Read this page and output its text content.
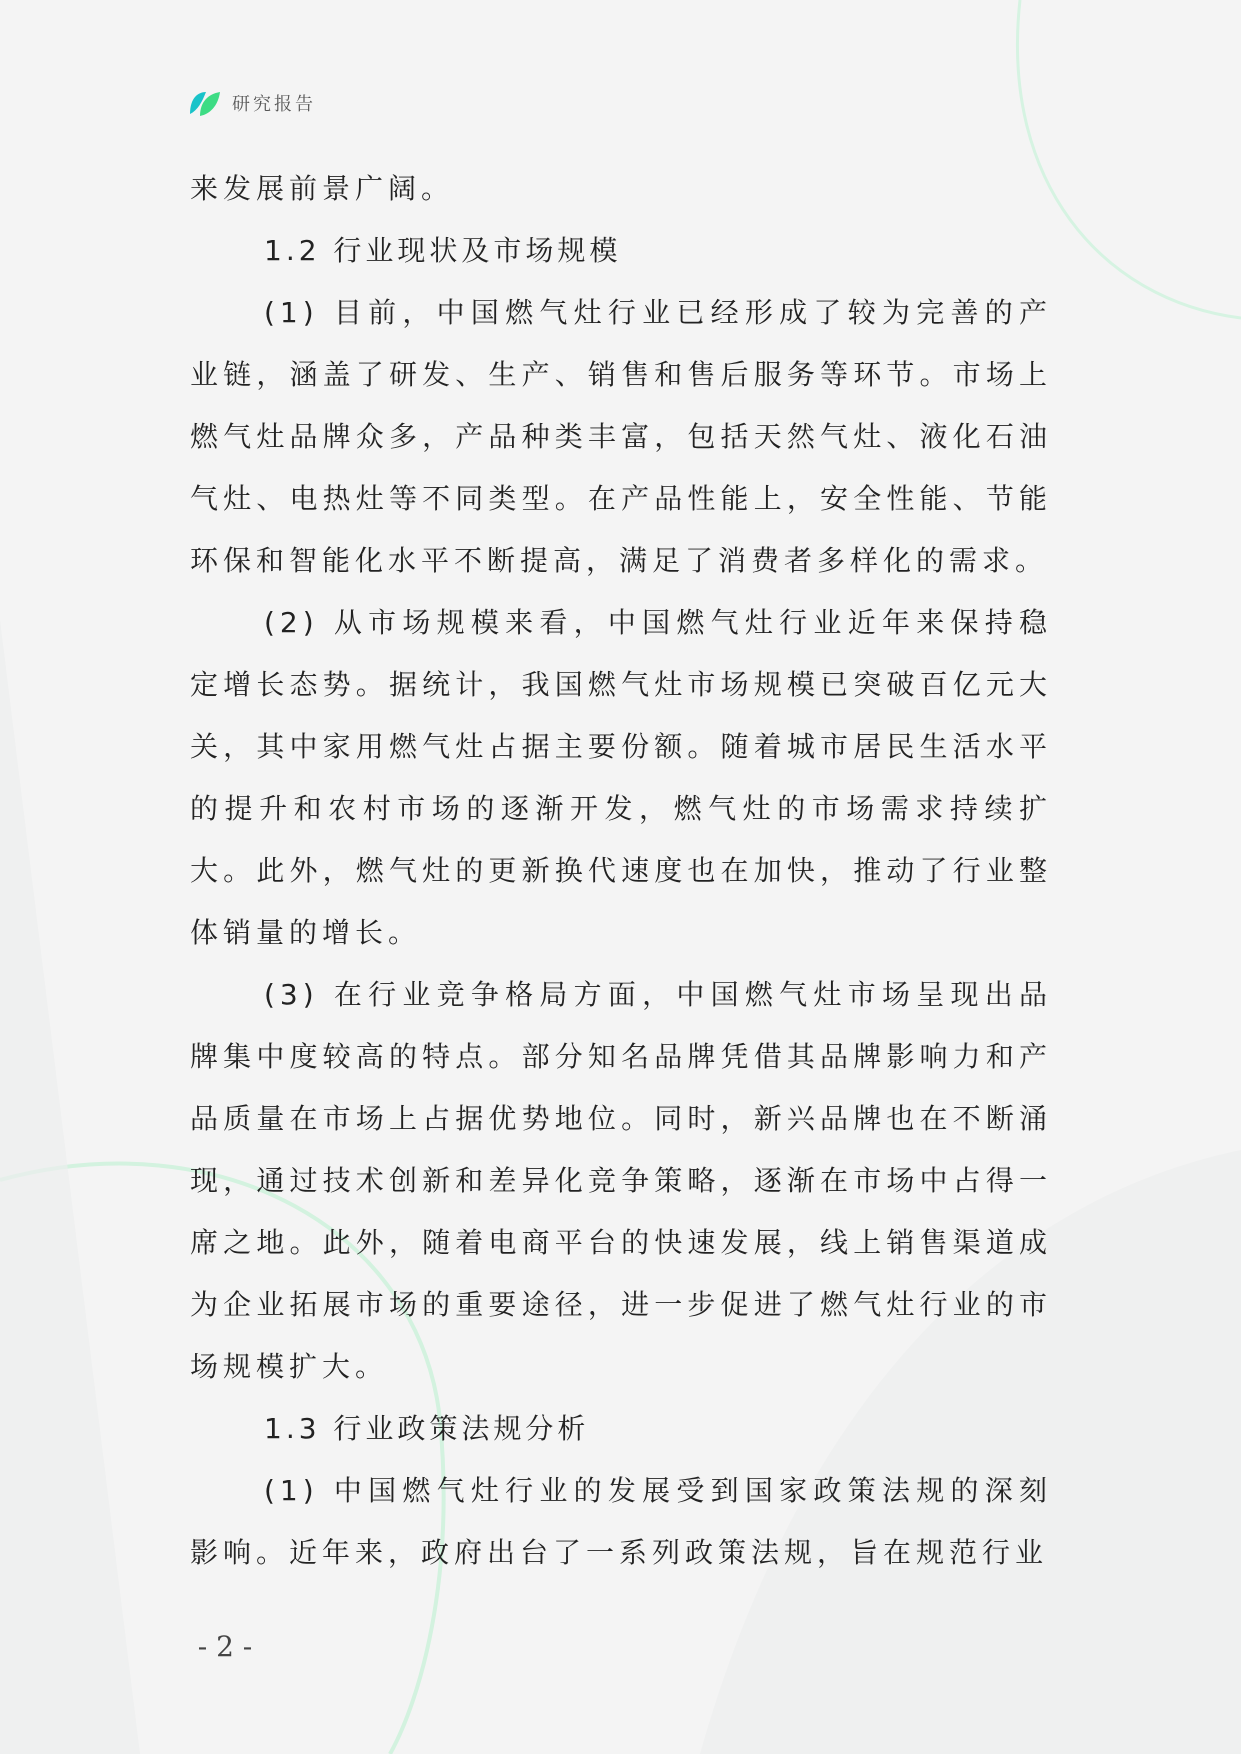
研究报告

来发展前景广阔。

1.2 行业现状及市场规模

(1) 目前，中国燃气灶行业已经形成了较为完善的产业链，涵盖了研发、生产、销售和售后服务等环节。市场上燃气灶品牌众多，产品种类丰富，包括天然气灶、液化石油气灶、电热灶等不同类型。在产品性能上，安全性能、节能环保和智能化水平不断提高，满足了消费者多样化的需求。

(2) 从市场规模来看，中国燃气灶行业近年来保持稳定增长态势。据统计，我国燃气灶市场规模已突破百亿元大关，其中家用燃气灶占据主要份额。随着城市居民生活水平的提升和农村市场的逐渐开发，燃气灶的市场需求持续扩大。此外，燃气灶的更新换代速度也在加快，推动了行业整体销量的增长。

(3) 在行业竞争格局方面，中国燃气灶市场呈现出品牌集中度较高的特点。部分知名品牌凭借其品牌影响力和产品质量在市场上占据优势地位。同时，新兴品牌也在不断涌现，通过技术创新和差异化竞争策略，逐渐在市场中占得一席之地。此外，随着电商平台的快速发展，线上销售渠道成为企业拓展市场的重要途径，进一步促进了燃气灶行业的市场规模扩大。

1.3 行业政策法规分析

(1) 中国燃气灶行业的发展受到国家政策法规的深刻影响。近年来，政府出台了一系列政策法规，旨在规范行业

- 2 -
